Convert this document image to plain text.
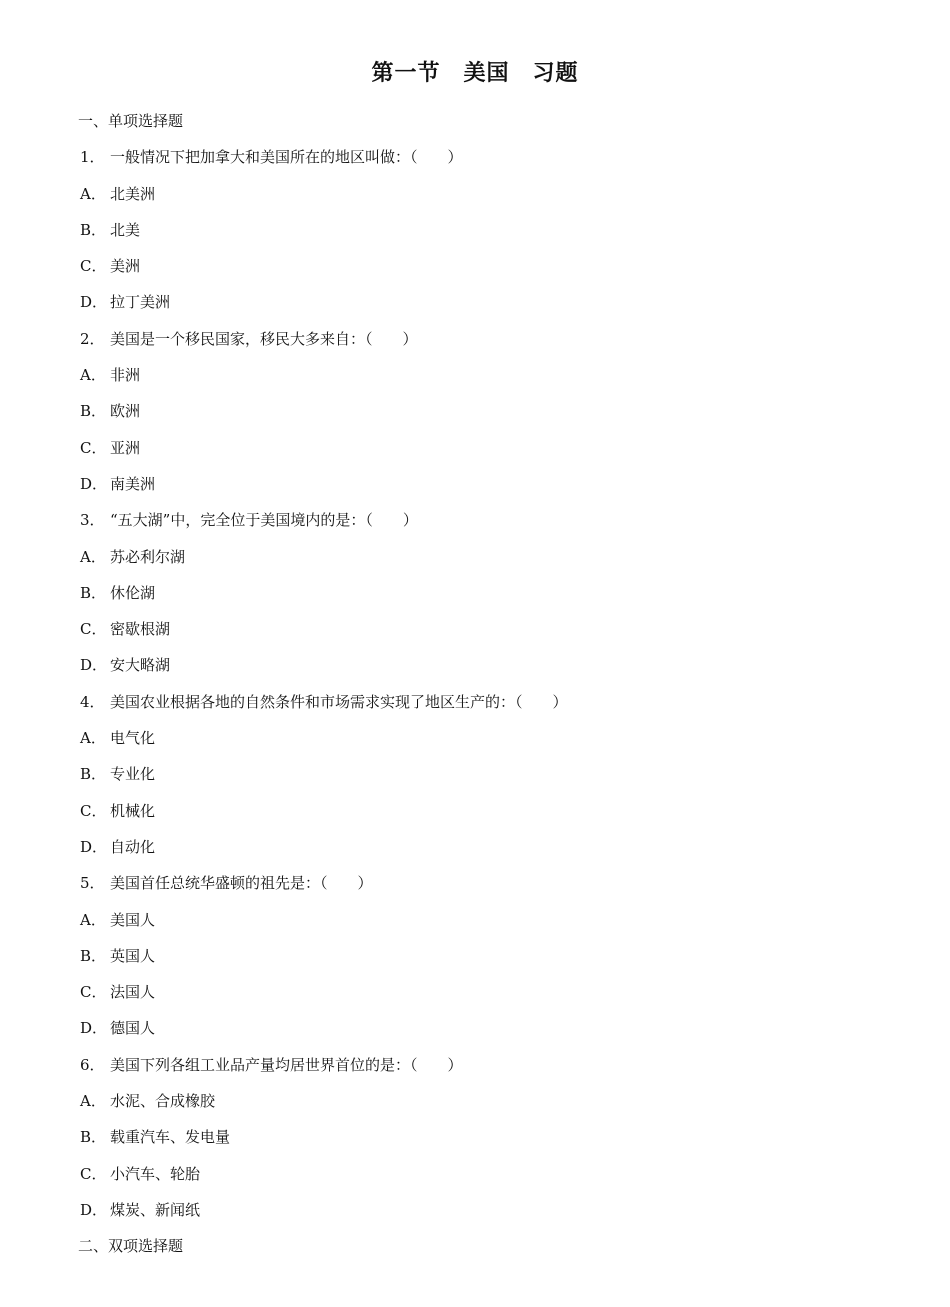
第一节　美国　习题
一、单项选择题
1． 一般情况下把加拿大和美国所在的地区叫做：（　　）
A． 北美洲
B． 北美
C． 美洲
D． 拉丁美洲
2． 美国是一个移民国家，移民大多来自：（　　）
A． 非洲
B． 欧洲
C． 亚洲
D． 南美洲
3． “五大湖”中，完全位于美国境内的是：（　　）
A． 苏必利尔湖
B． 休伦湖
C． 密歇根湖
D． 安大略湖
4． 美国农业根据各地的自然条件和市场需求实现了地区生产的：（　　）
A． 电气化
B． 专业化
C． 机械化
D． 自动化
5． 美国首任总统华盛顿的祖先是：（　　）
A． 美国人
B． 英国人
C． 法国人
D． 德国人
6． 美国下列各组工业品产量均居世界首位的是：（　　）
A． 水泥、合成橡胶
B． 载重汽车、发电量
C． 小汽车、轮胎
D． 煤炭、新闻纸
二、双项选择题
